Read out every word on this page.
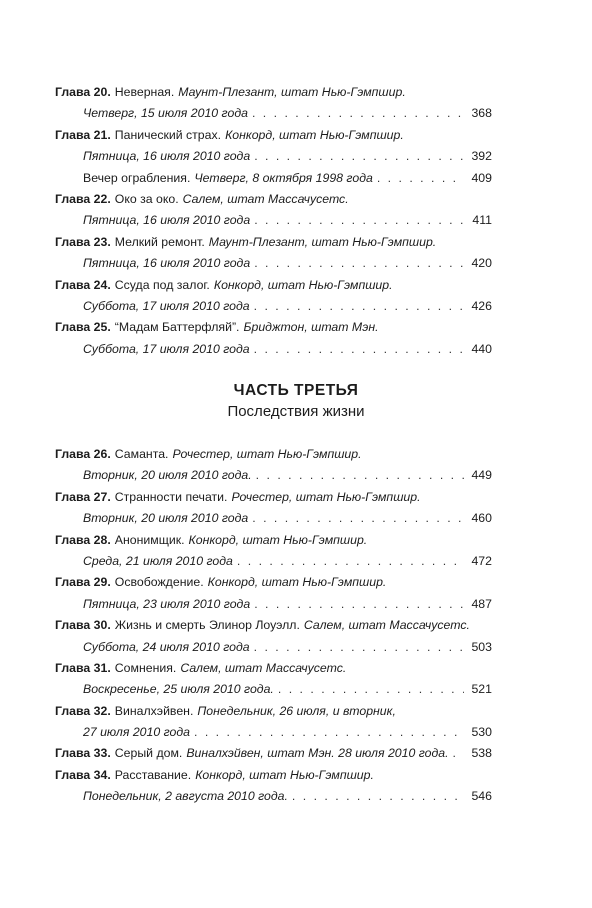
Глава 20. Неверная. Маунт-Плезант, штат Нью-Гэмпшир.
Четверг, 15 июля 2010 года . . .	368
Глава 21. Панический страх. Конкорд, штат Нью-Гэмпшир.
Пятница, 16 июля 2010 года . . .	392
Вечер ограбления. Четверг, 8 октября 1998 года . . .	409
Глава 22. Око за око. Салем, штат Массачусетс.
Пятница, 16 июля 2010 года . . .	411
Глава 23. Мелкий ремонт. Маунт-Плезант, штат Нью-Гэмпшир.
Пятница, 16 июля 2010 года . . .	420
Глава 24. Ссуда под залог. Конкорд, штат Нью-Гэмпшир.
Суббота, 17 июля 2010 года . . .	426
Глава 25. “Мадам Баттерфляй”. Бриджтон, штат Мэн.
Суббота, 17 июля 2010 года . . .	440
ЧАСТЬ ТРЕТЬЯ
Последствия жизни
Глава 26. Саманта. Рочестер, штат Нью-Гэмпшир.
Вторник, 20 июля 2010 года. . . .	449
Глава 27. Странности печати. Рочестер, штат Нью-Гэмпшир.
Вторник, 20 июля 2010 года . . .	460
Глава 28. Анонимщик. Конкорд, штат Нью-Гэмпшир.
Среда, 21 июля 2010 года . . .	472
Глава 29. Освобождение. Конкорд, штат Нью-Гэмпшир.
Пятница, 23 июля 2010 года . . .	487
Глава 30. Жизнь и смерть Элинор Лоуэлл. Салем, штат Массачусетс.
Суббота, 24 июля 2010 года . . .	503
Глава 31. Сомнения. Салем, штат Массачусетс.
Воскресенье, 25 июля 2010 года. . . .	521
Глава 32. Виналхэйвен. Понедельник, 26 июля, и вторник,
27 июля 2010 года . . .	530
Глава 33. Серый дом. Виналхэйвен, штат Мэн. 28 июля 2010 года. . . . 538
Глава 34. Расставание. Конкорд, штат Нью-Гэмпшир.
Понедельник, 2 августа 2010 года. . . .	546
